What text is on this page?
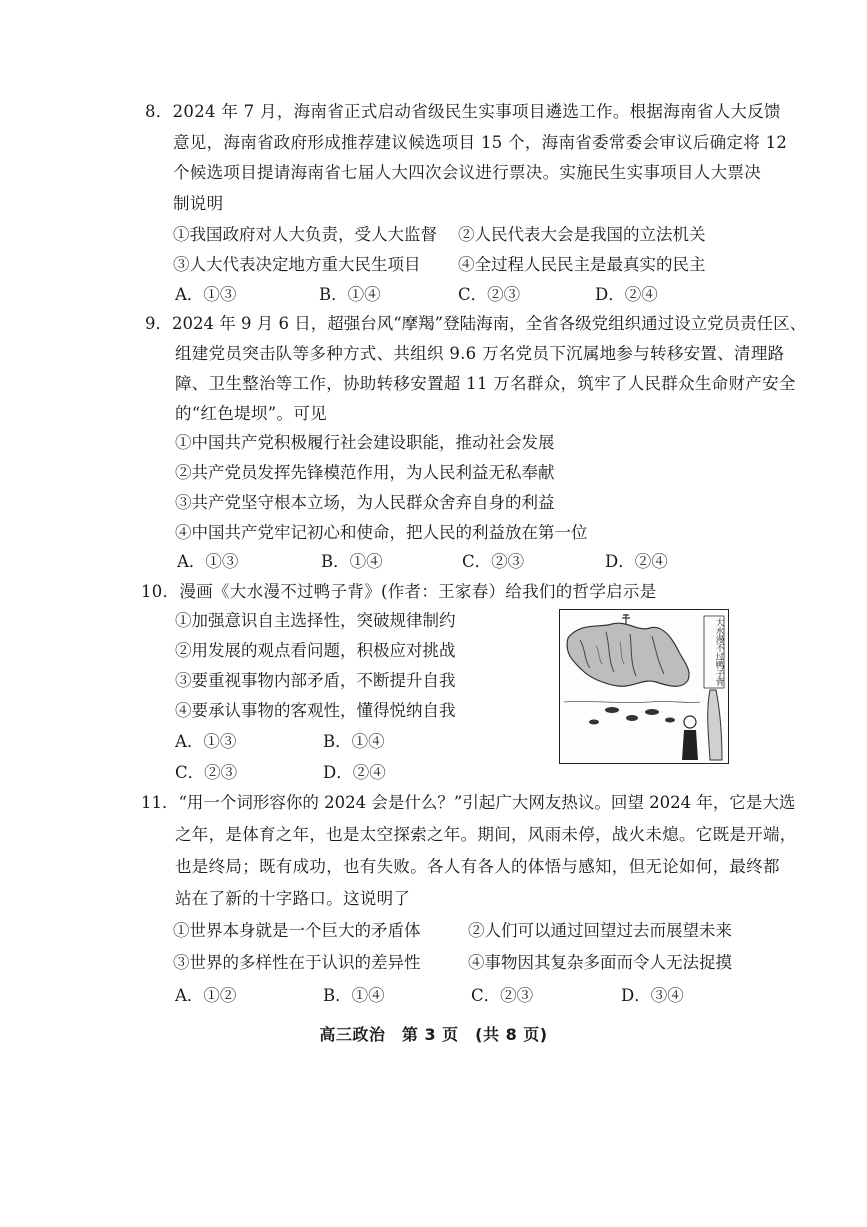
8．2024 年 7 月，海南省正式启动省级民生实事项目遴选工作。根据海南省人大反馈
意见，海南省政府形成推荐建议候选项目 15 个，海南省委常委会审议后确定将 12
个候选项目提请海南省七届人大四次会议进行票决。实施民生实事项目人大票决
制说明
①我国政府对人大负责，受人大监督 ②人民代表大会是我国的立法机关
③人大代表决定地方重大民生项目 ④全过程人民民主是最真实的民主
A．①③	B．①④	C．②③	D．②④
9．2024 年 9 月 6 日，超强台风“摩羯”登陆海南，全省各级党组织通过设立党员责任区、
组建党员突击队等多种方式、共组织 9.6 万名党员下沉属地参与转移安置、清理路
障、卫生整治等工作，协助转移安置超 11 万名群众，筑牢了人民群众生命财产安全
的“红色堤坝”。可见
①中国共产党积极履行社会建设职能，推动社会发展
②共产党员发挥先锋模范作用，为人民利益无私奉献
③共产党坚守根本立场，为人民群众舍弃自身的利益
④中国共产党牢记初心和使命，把人民的利益放在第一位
A．①③	B．①④	C．②③	D．②④
10．漫画《大水漫不过鸭子背》(作者：王家春）给我们的哲学启示是
①加强意识自主选择性，突破规律制约
②用发展的观点看问题，积极应对挑战
③要重视事物内部矛盾，不断提升自我
④要承认事物的客观性，懂得悦纳自我
A．①③	B．①④
C．②③	D．②④
大水漫不过鸭子背
11．“用一个词形容你的 2024 会是什么？”引起广大网友热议。回望 2024 年，它是大选
之年，是体育之年，也是太空探索之年。期间，风雨未停，战火未熄。它既是开端，
也是终局；既有成功，也有失败。各人有各人的体悟与感知，但无论如何，最终都
站在了新的十字路口。这说明了
①世界本身就是一个巨大的矛盾体	②人们可以通过回望过去而展望未来
③世界的多样性在于认识的差异性	④事物因其复杂多面而令人无法捉摸
A．①②	B．①④	C．②③	D．③④
高三政治　第 3 页　(共 8 页)
